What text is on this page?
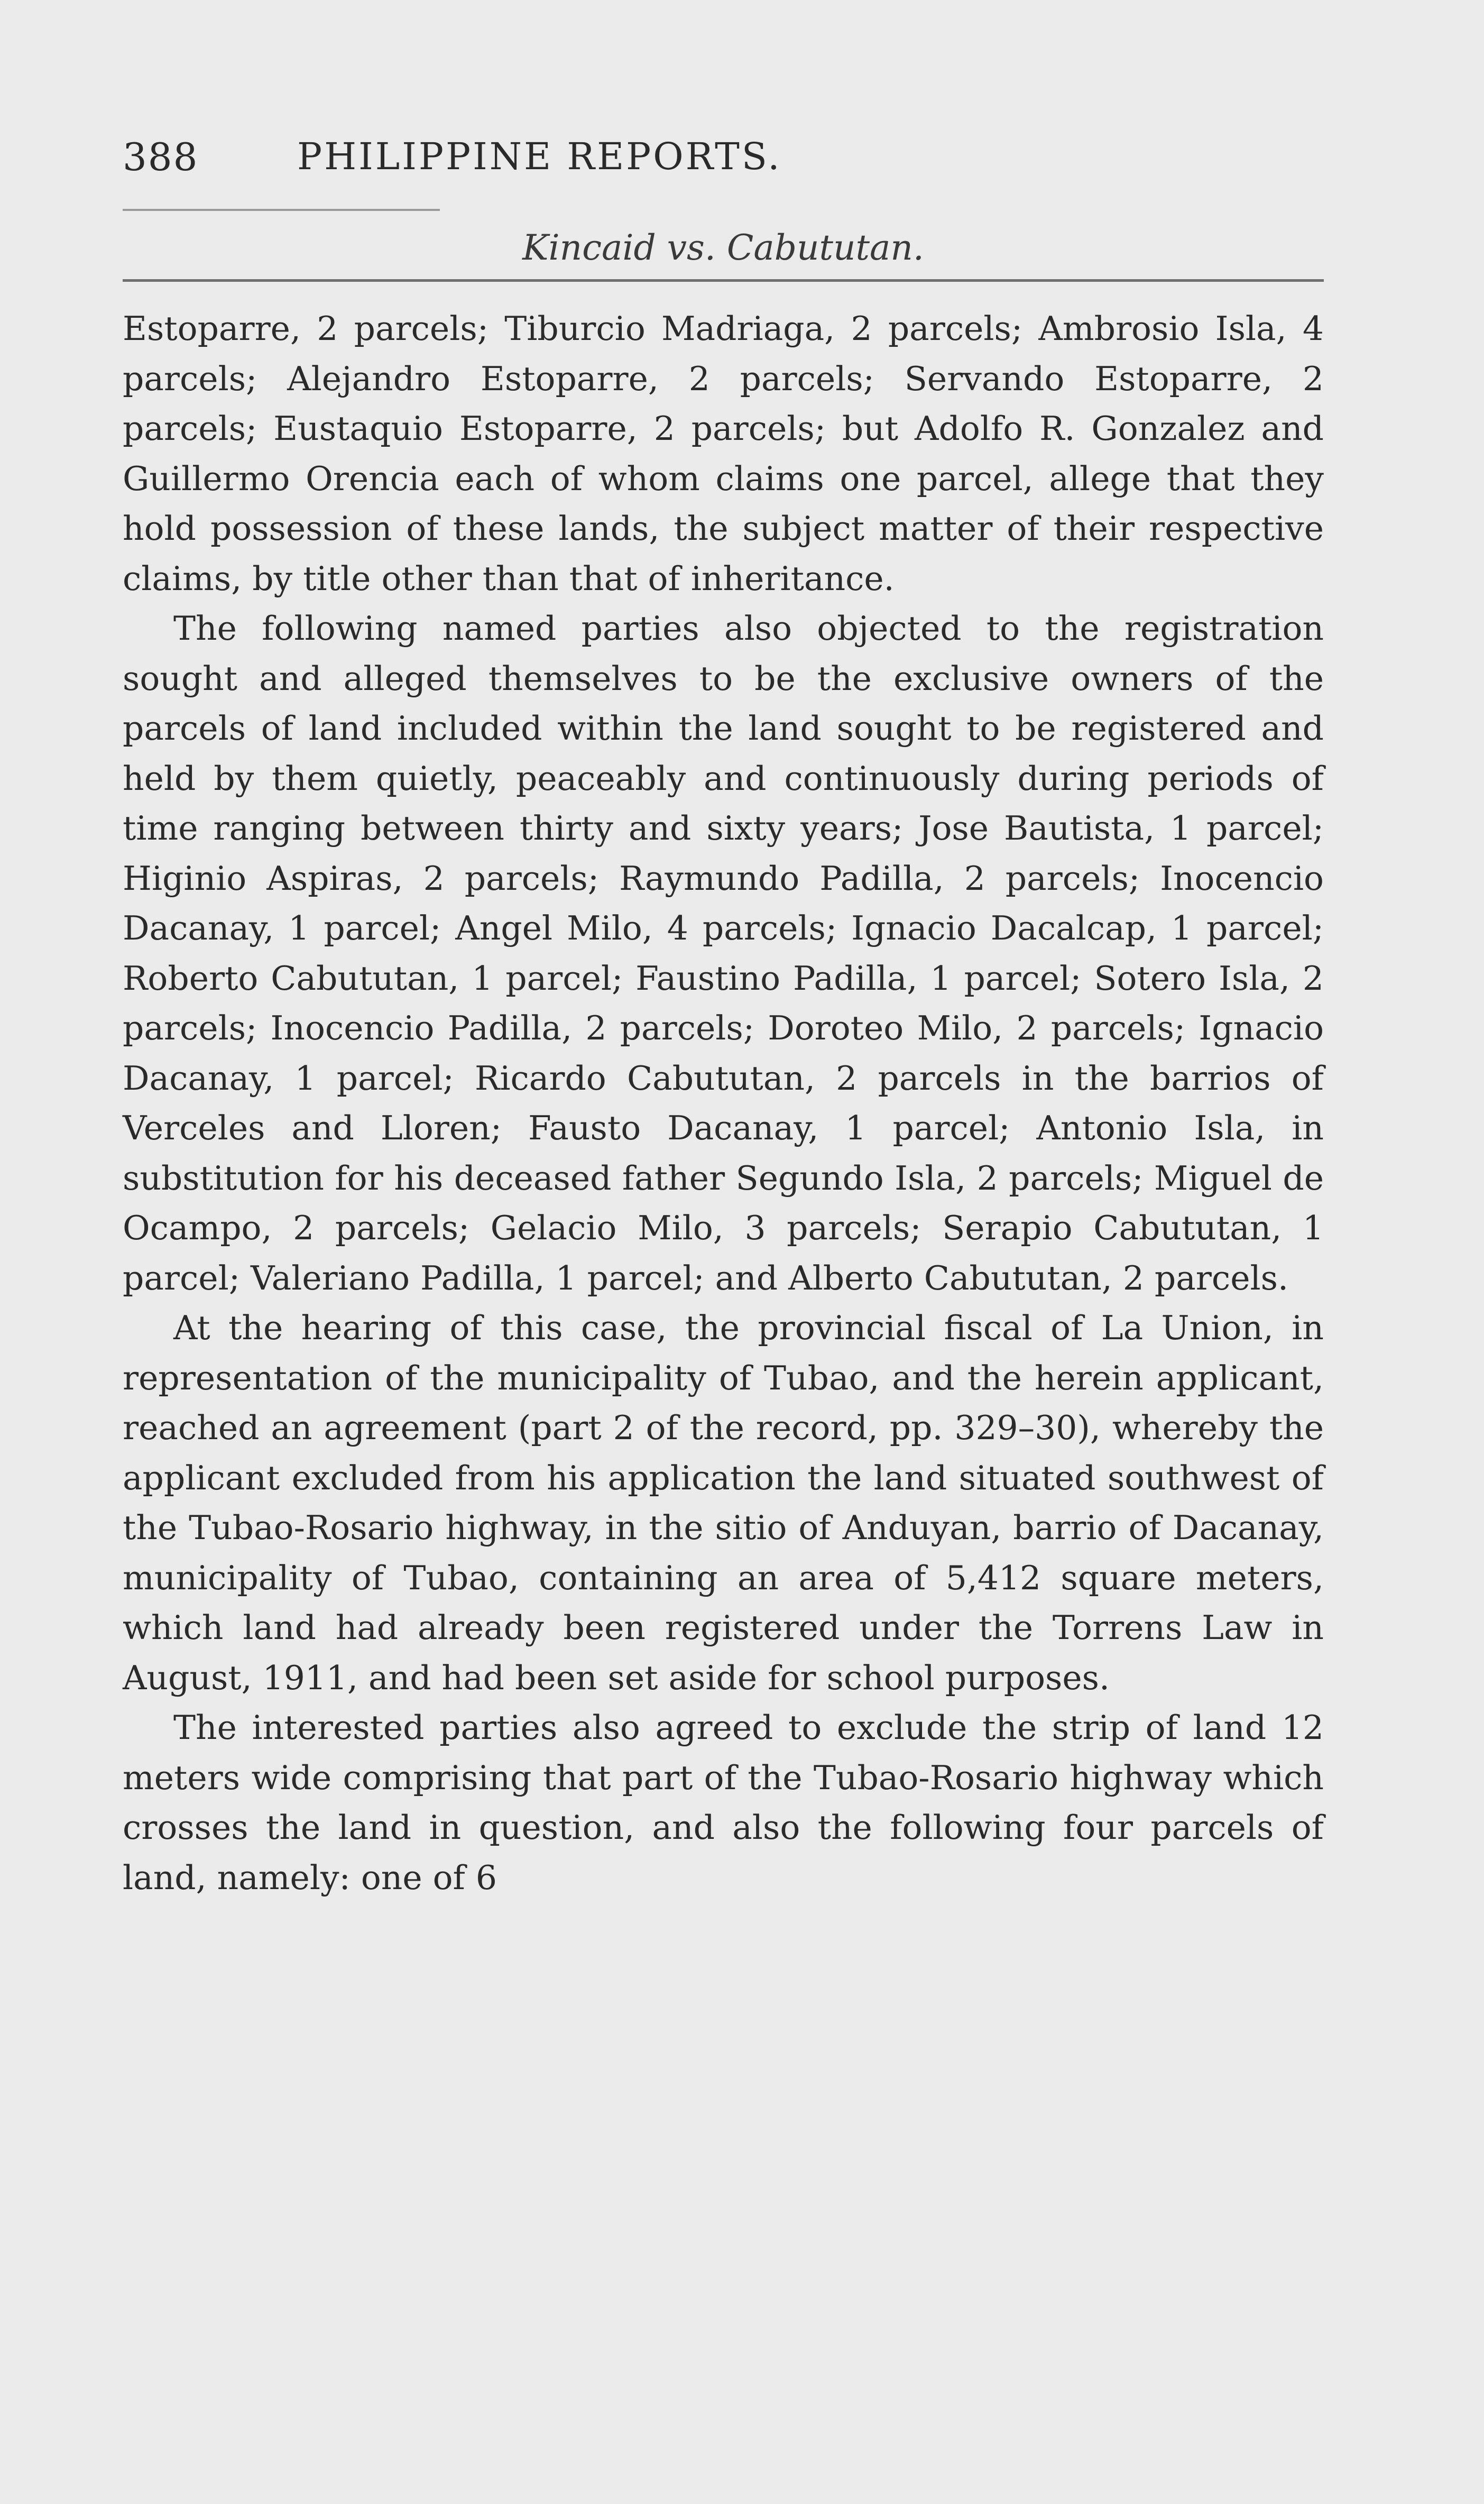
388	PHILIPPINE REPORTS.
Kincaid vs. Cabututan.

Estoparre, 2 parcels; Tiburcio Madriaga, 2 parcels; Ambrosio Isla, 4 parcels; Alejandro Estoparre, 2 parcels; Servando Estoparre, 2 parcels; Eustaquio Estoparre, 2 parcels; but Adolfo R. Gonzalez and Guillermo Orencia each of whom claims one parcel, allege that they hold possession of these lands, the subject matter of their respective claims, by title other than that of inheritance.

The following named parties also objected to the registration sought and alleged themselves to be the exclusive owners of the parcels of land included within the land sought to be registered and held by them quietly, peaceably and continuously during periods of time ranging between thirty and sixty years; Jose Bautista, 1 parcel; Higinio Aspiras, 2 parcels; Raymundo Padilla, 2 parcels; Inocencio Dacanay, 1 parcel; Angel Milo, 4 parcels; Ignacio Dacalcap, 1 parcel; Roberto Cabututan, 1 parcel; Faustino Padilla, 1 parcel; Sotero Isla, 2 parcels; Inocencio Padilla, 2 parcels; Doroteo Milo, 2 parcels; Ignacio Dacanay, 1 parcel; Ricardo Cabututan, 2 parcels in the barrios of Verceles and Lloren; Fausto Dacanay, 1 parcel; Antonio Isla, in substitution for his deceased father Segundo Isla, 2 parcels; Miguel de Ocampo, 2 parcels; Gelacio Milo, 3 parcels; Serapio Cabututan, 1 parcel; Valeriano Padilla, 1 parcel; and Alberto Cabututan, 2 parcels.

At the hearing of this case, the provincial fiscal of La Union, in representation of the municipality of Tubao, and the herein applicant, reached an agreement (part 2 of the record, pp. 329–30), whereby the applicant excluded from his application the land situated southwest of the Tubao-Rosario highway, in the sitio of Anduyan, barrio of Dacanay, municipality of Tubao, containing an area of 5,412 square meters, which land had already been registered under the Torrens Law in August, 1911, and had been set aside for school purposes.

The interested parties also agreed to exclude the strip of land 12 meters wide comprising that part of the Tubao-Rosario highway which crosses the land in question, and also the following four parcels of land, namely: one of 6
